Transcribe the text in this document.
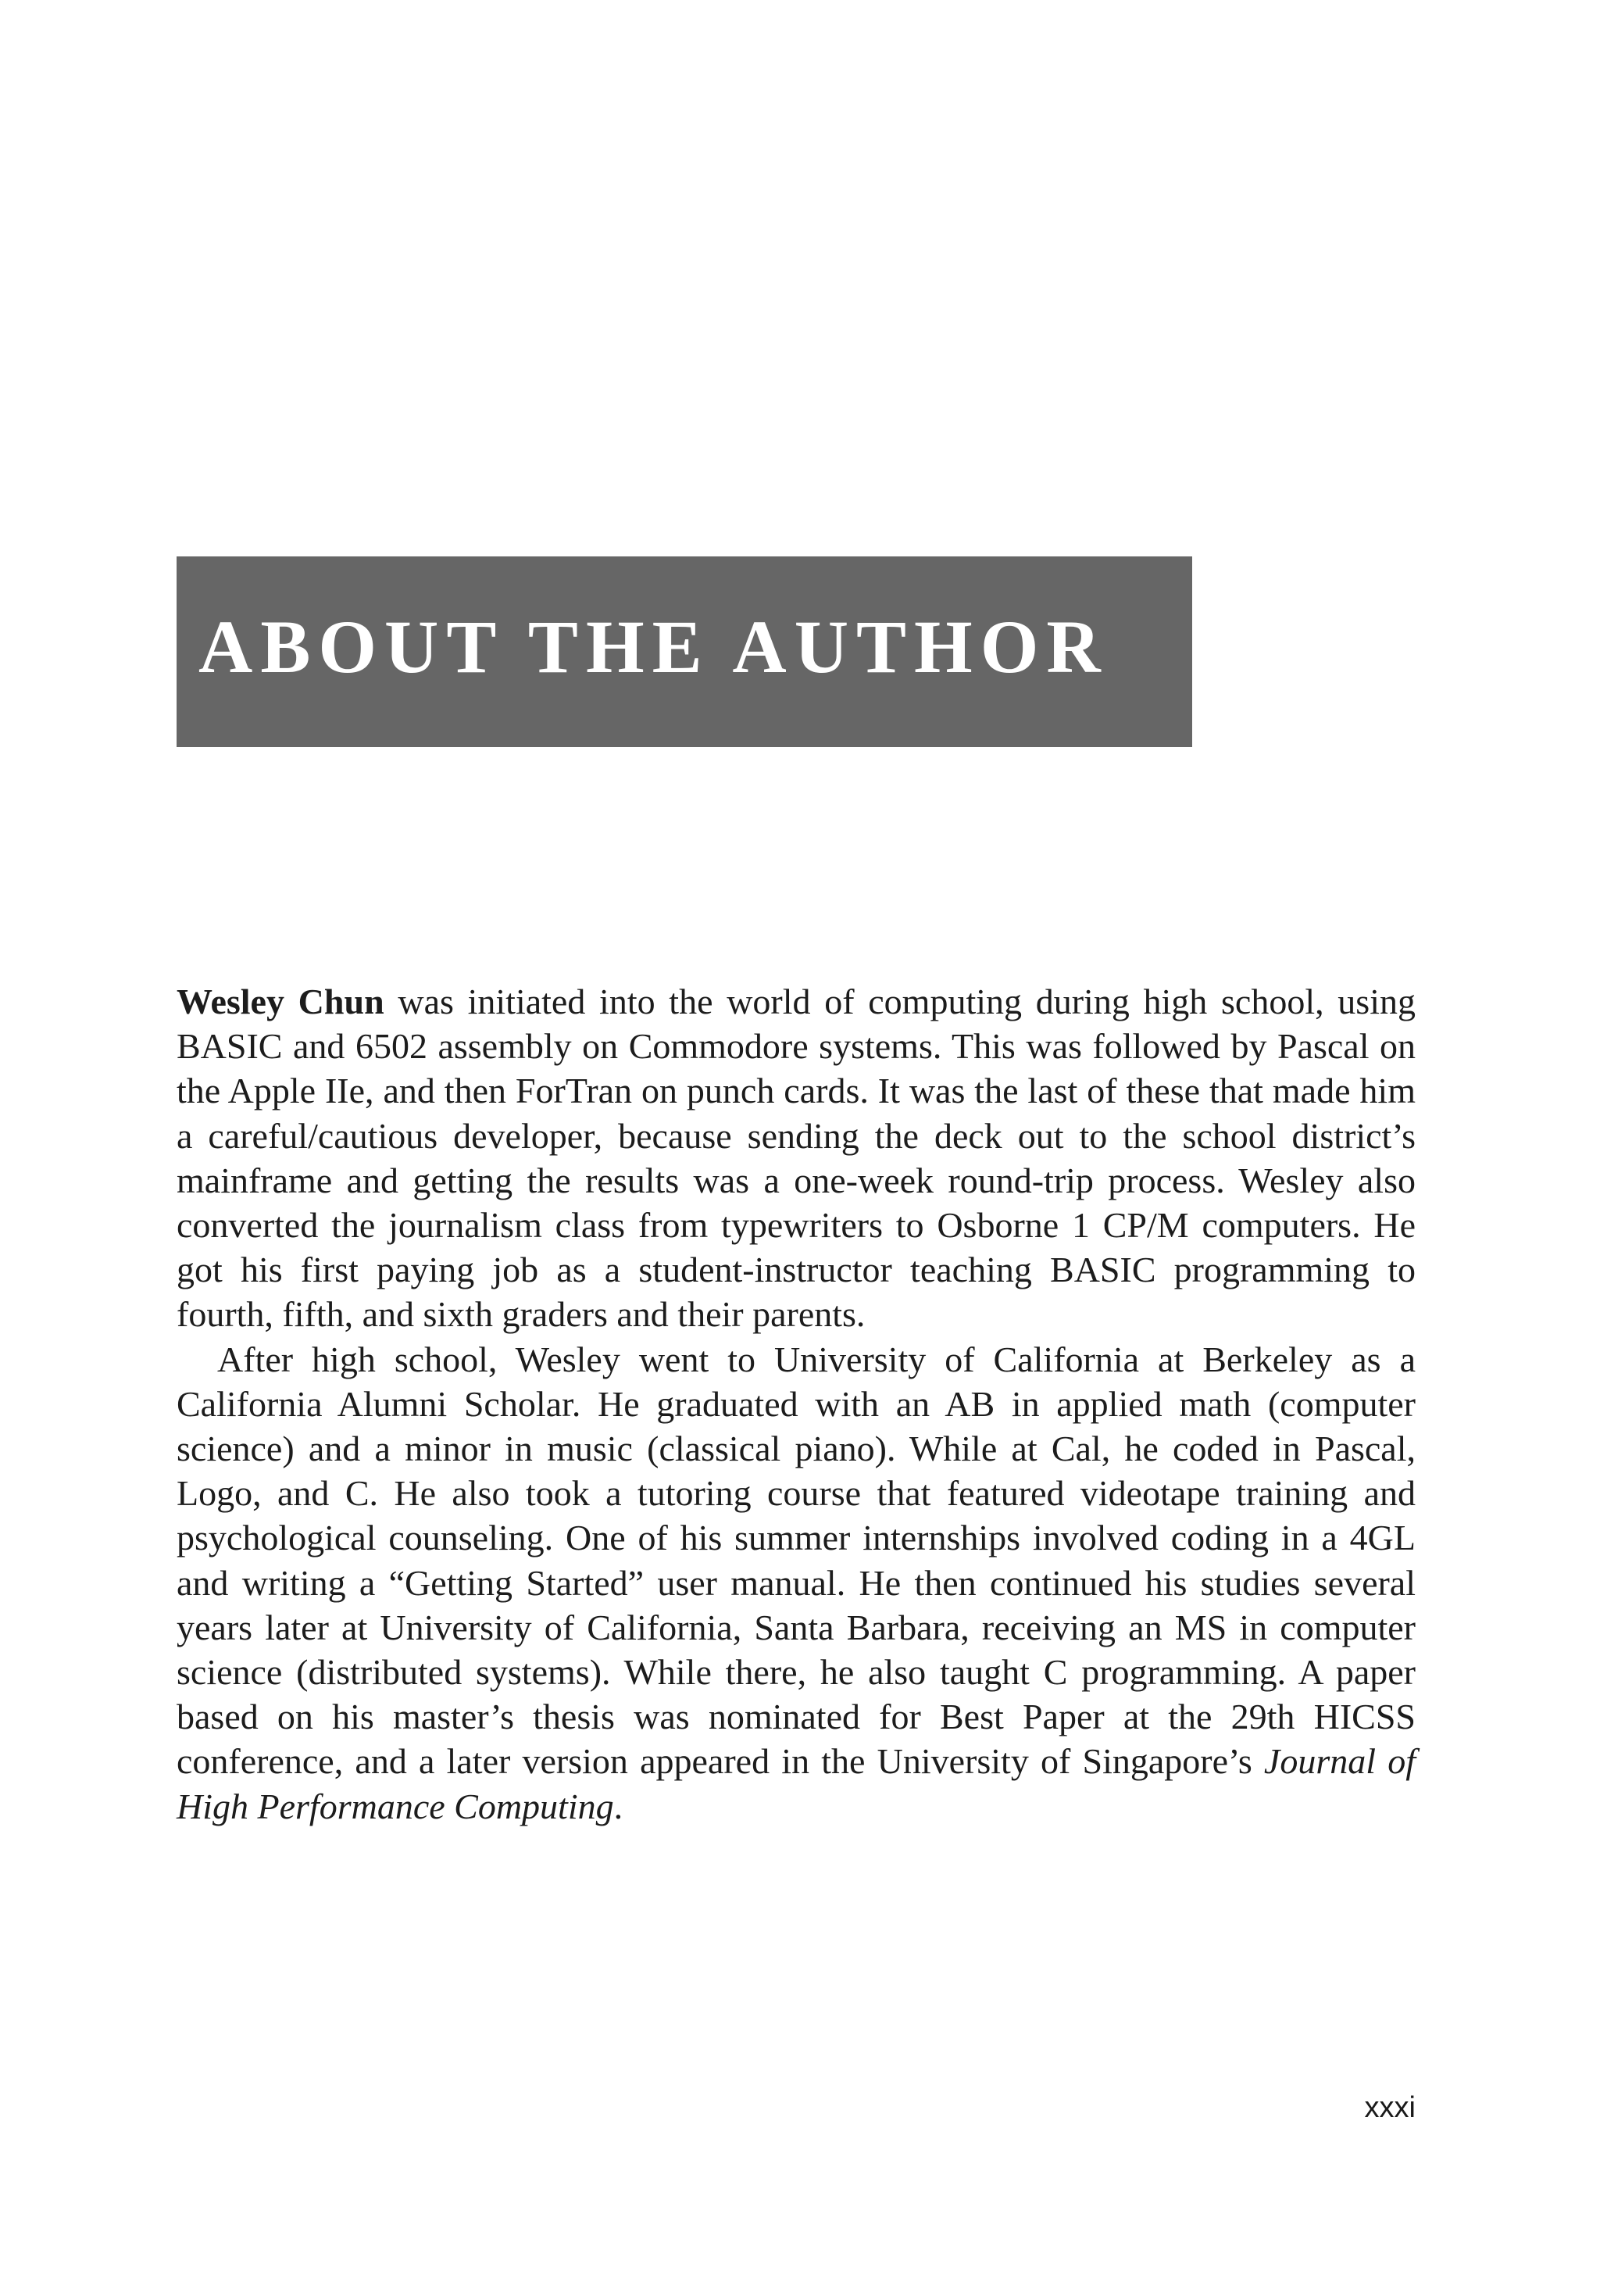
ABOUT THE AUTHOR

Wesley Chun was initiated into the world of computing during high school, using BASIC and 6502 assembly on Commodore systems. This was followed by Pascal on the Apple IIe, and then ForTran on punch cards. It was the last of these that made him a careful/cautious developer, because sending the deck out to the school district’s mainframe and getting the results was a one-week round-trip process. Wesley also converted the journalism class from typewriters to Osborne 1 CP/M computers. He got his first paying job as a student-instructor teaching BASIC programming to fourth, fifth, and sixth graders and their parents.

After high school, Wesley went to University of California at Berkeley as a California Alumni Scholar. He graduated with an AB in applied math (computer science) and a minor in music (classical piano). While at Cal, he coded in Pascal, Logo, and C. He also took a tutoring course that featured videotape training and psychological counseling. One of his summer internships involved coding in a 4GL and writing a “Getting Started” user manual. He then continued his studies several years later at University of California, Santa Barbara, receiving an MS in computer science (distributed systems). While there, he also taught C programming. A paper based on his master’s thesis was nominated for Best Paper at the 29th HICSS conference, and a later version appeared in the University of Singapore’s Journal of High Performance Computing.

xxxi
